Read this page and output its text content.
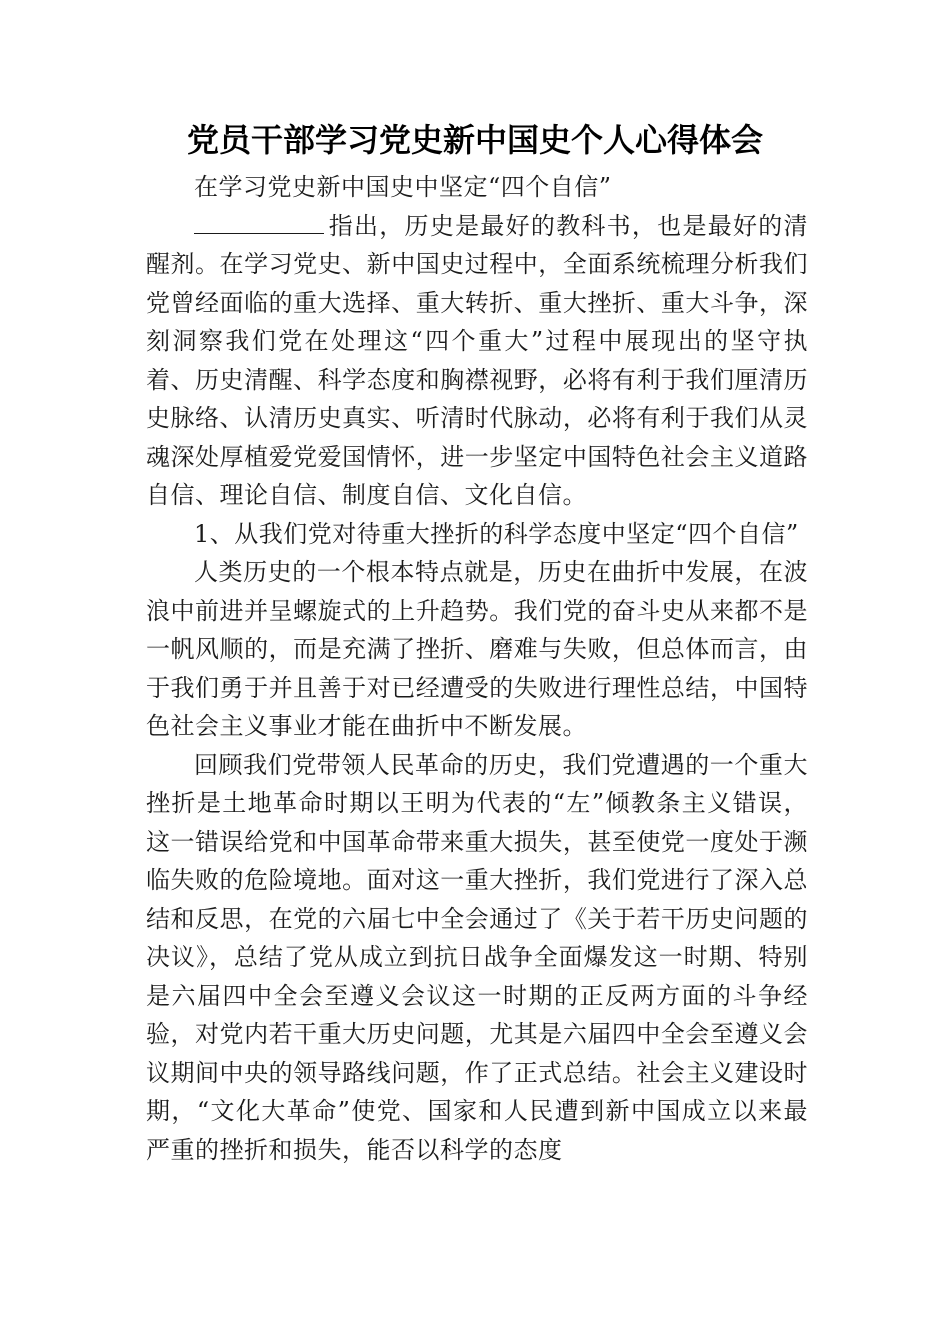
党员干部学习党史新中国史个人心得体会

在学习党史新中国史中坚定“四个自信”

指出，历史是最好的教科书，也是最好的清醒剂。在学习党史、新中国史过程中，全面系统梳理分析我们党曾经面临的重大选择、重大转折、重大挫折、重大斗争，深刻洞察我们党在处理这“四个重大”过程中展现出的坚守执着、历史清醒、科学态度和胸襟视野，必将有利于我们厘清历史脉络、认清历史真实、听清时代脉动，必将有利于我们从灵魂深处厚植爱党爱国情怀，进一步坚定中国特色社会主义道路自信、理论自信、制度自信、文化自信。

1、从我们党对待重大挫折的科学态度中坚定“四个自信”

人类历史的一个根本特点就是，历史在曲折中发展，在波浪中前进并呈螺旋式的上升趋势。我们党的奋斗史从来都不是一帆风顺的，而是充满了挫折、磨难与失败，但总体而言，由于我们勇于并且善于对已经遭受的失败进行理性总结，中国特色社会主义事业才能在曲折中不断发展。

回顾我们党带领人民革命的历史，我们党遭遇的一个重大挫折是土地革命时期以王明为代表的“左”倾教条主义错误，这一错误给党和中国革命带来重大损失，甚至使党一度处于濒临失败的危险境地。面对这一重大挫折，我们党进行了深入总结和反思，在党的六届七中全会通过了《关于若干历史问题的决议》，总结了党从成立到抗日战争全面爆发这一时期、特别是六届四中全会至遵义会议这一时期的正反两方面的斗争经验，对党内若干重大历史问题，尤其是六届四中全会至遵义会议期间中央的领导路线问题，作了正式总结。社会主义建设时期，“文化大革命”使党、国家和人民遭到新中国成立以来最严重的挫折和损失，能否以科学的态度
